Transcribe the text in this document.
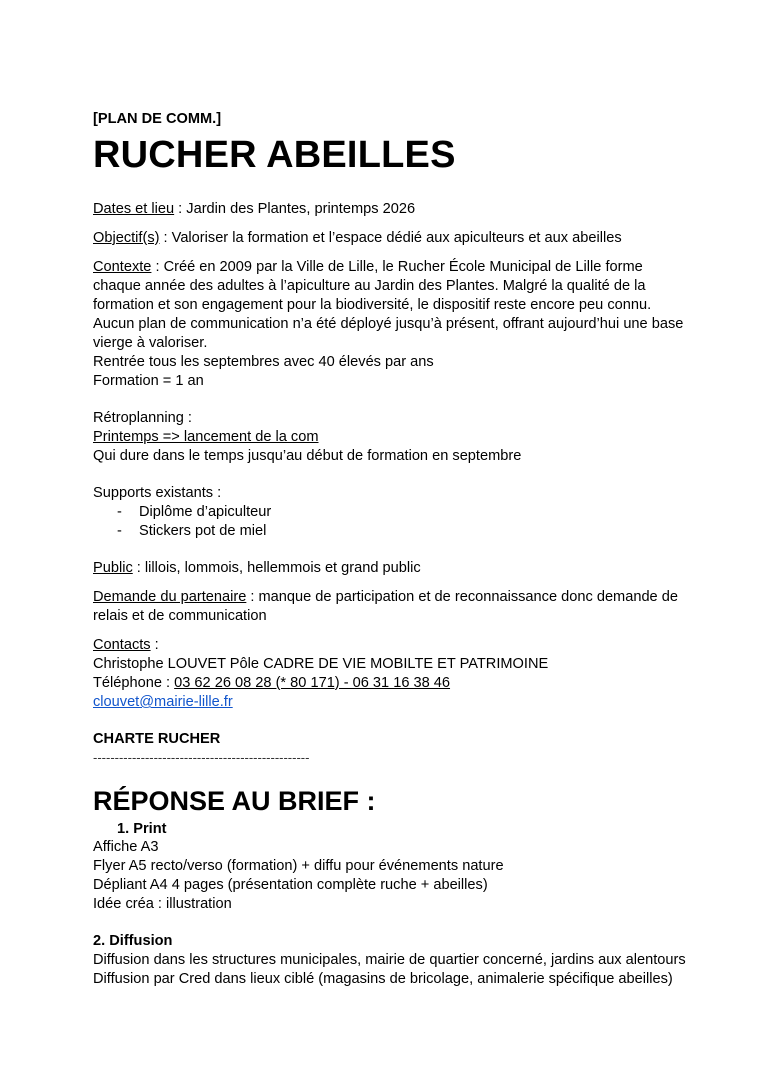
[PLAN DE COMM.]
RUCHER ABEILLES
Dates et lieu : Jardin des Plantes, printemps 2026
Objectif(s) : Valoriser la formation et l’espace dédié aux apiculteurs et aux abeilles
Contexte : Créé en 2009 par la Ville de Lille, le Rucher École Municipal de Lille forme
chaque année des adultes à l’apiculture au Jardin des Plantes. Malgré la qualité de la
formation et son engagement pour la biodiversité, le dispositif reste encore peu connu.
Aucun plan de communication n’a été déployé jusqu’à présent, offrant aujourd’hui une base
vierge à valoriser.
Rentrée tous les septembres avec 40 élevés par ans
Formation = 1 an
Rétroplanning :
Printemps => lancement de la com
Qui dure dans le temps jusqu’au début de formation en septembre
Supports existants :
- Diplôme d’apiculteur
- Stickers pot de miel
Public : lillois, lommois, hellemmois et grand public
Demande du partenaire : manque de participation et de reconnaissance donc demande de
relais et de communication
Contacts :
Christophe LOUVET Pôle CADRE DE VIE MOBILTE ET PATRIMOINE
Téléphone : 03 62 26 08 28 (* 80 171) - 06 31 16 38 46
clouvet@mairie-lille.fr
CHARTE RUCHER
--------------------------------------------------
RÉPONSE AU BRIEF :
1. Print
Affiche A3
Flyer A5 recto/verso (formation) + diffu pour événements nature
Dépliant A4 4 pages (présentation complète ruche + abeilles)
Idée créa : illustration
2. Diffusion
Diffusion dans les structures municipales, mairie de quartier concerné, jardins aux alentours
Diffusion par Cred dans lieux ciblé (magasins de bricolage, animalerie spécifique abeilles)
